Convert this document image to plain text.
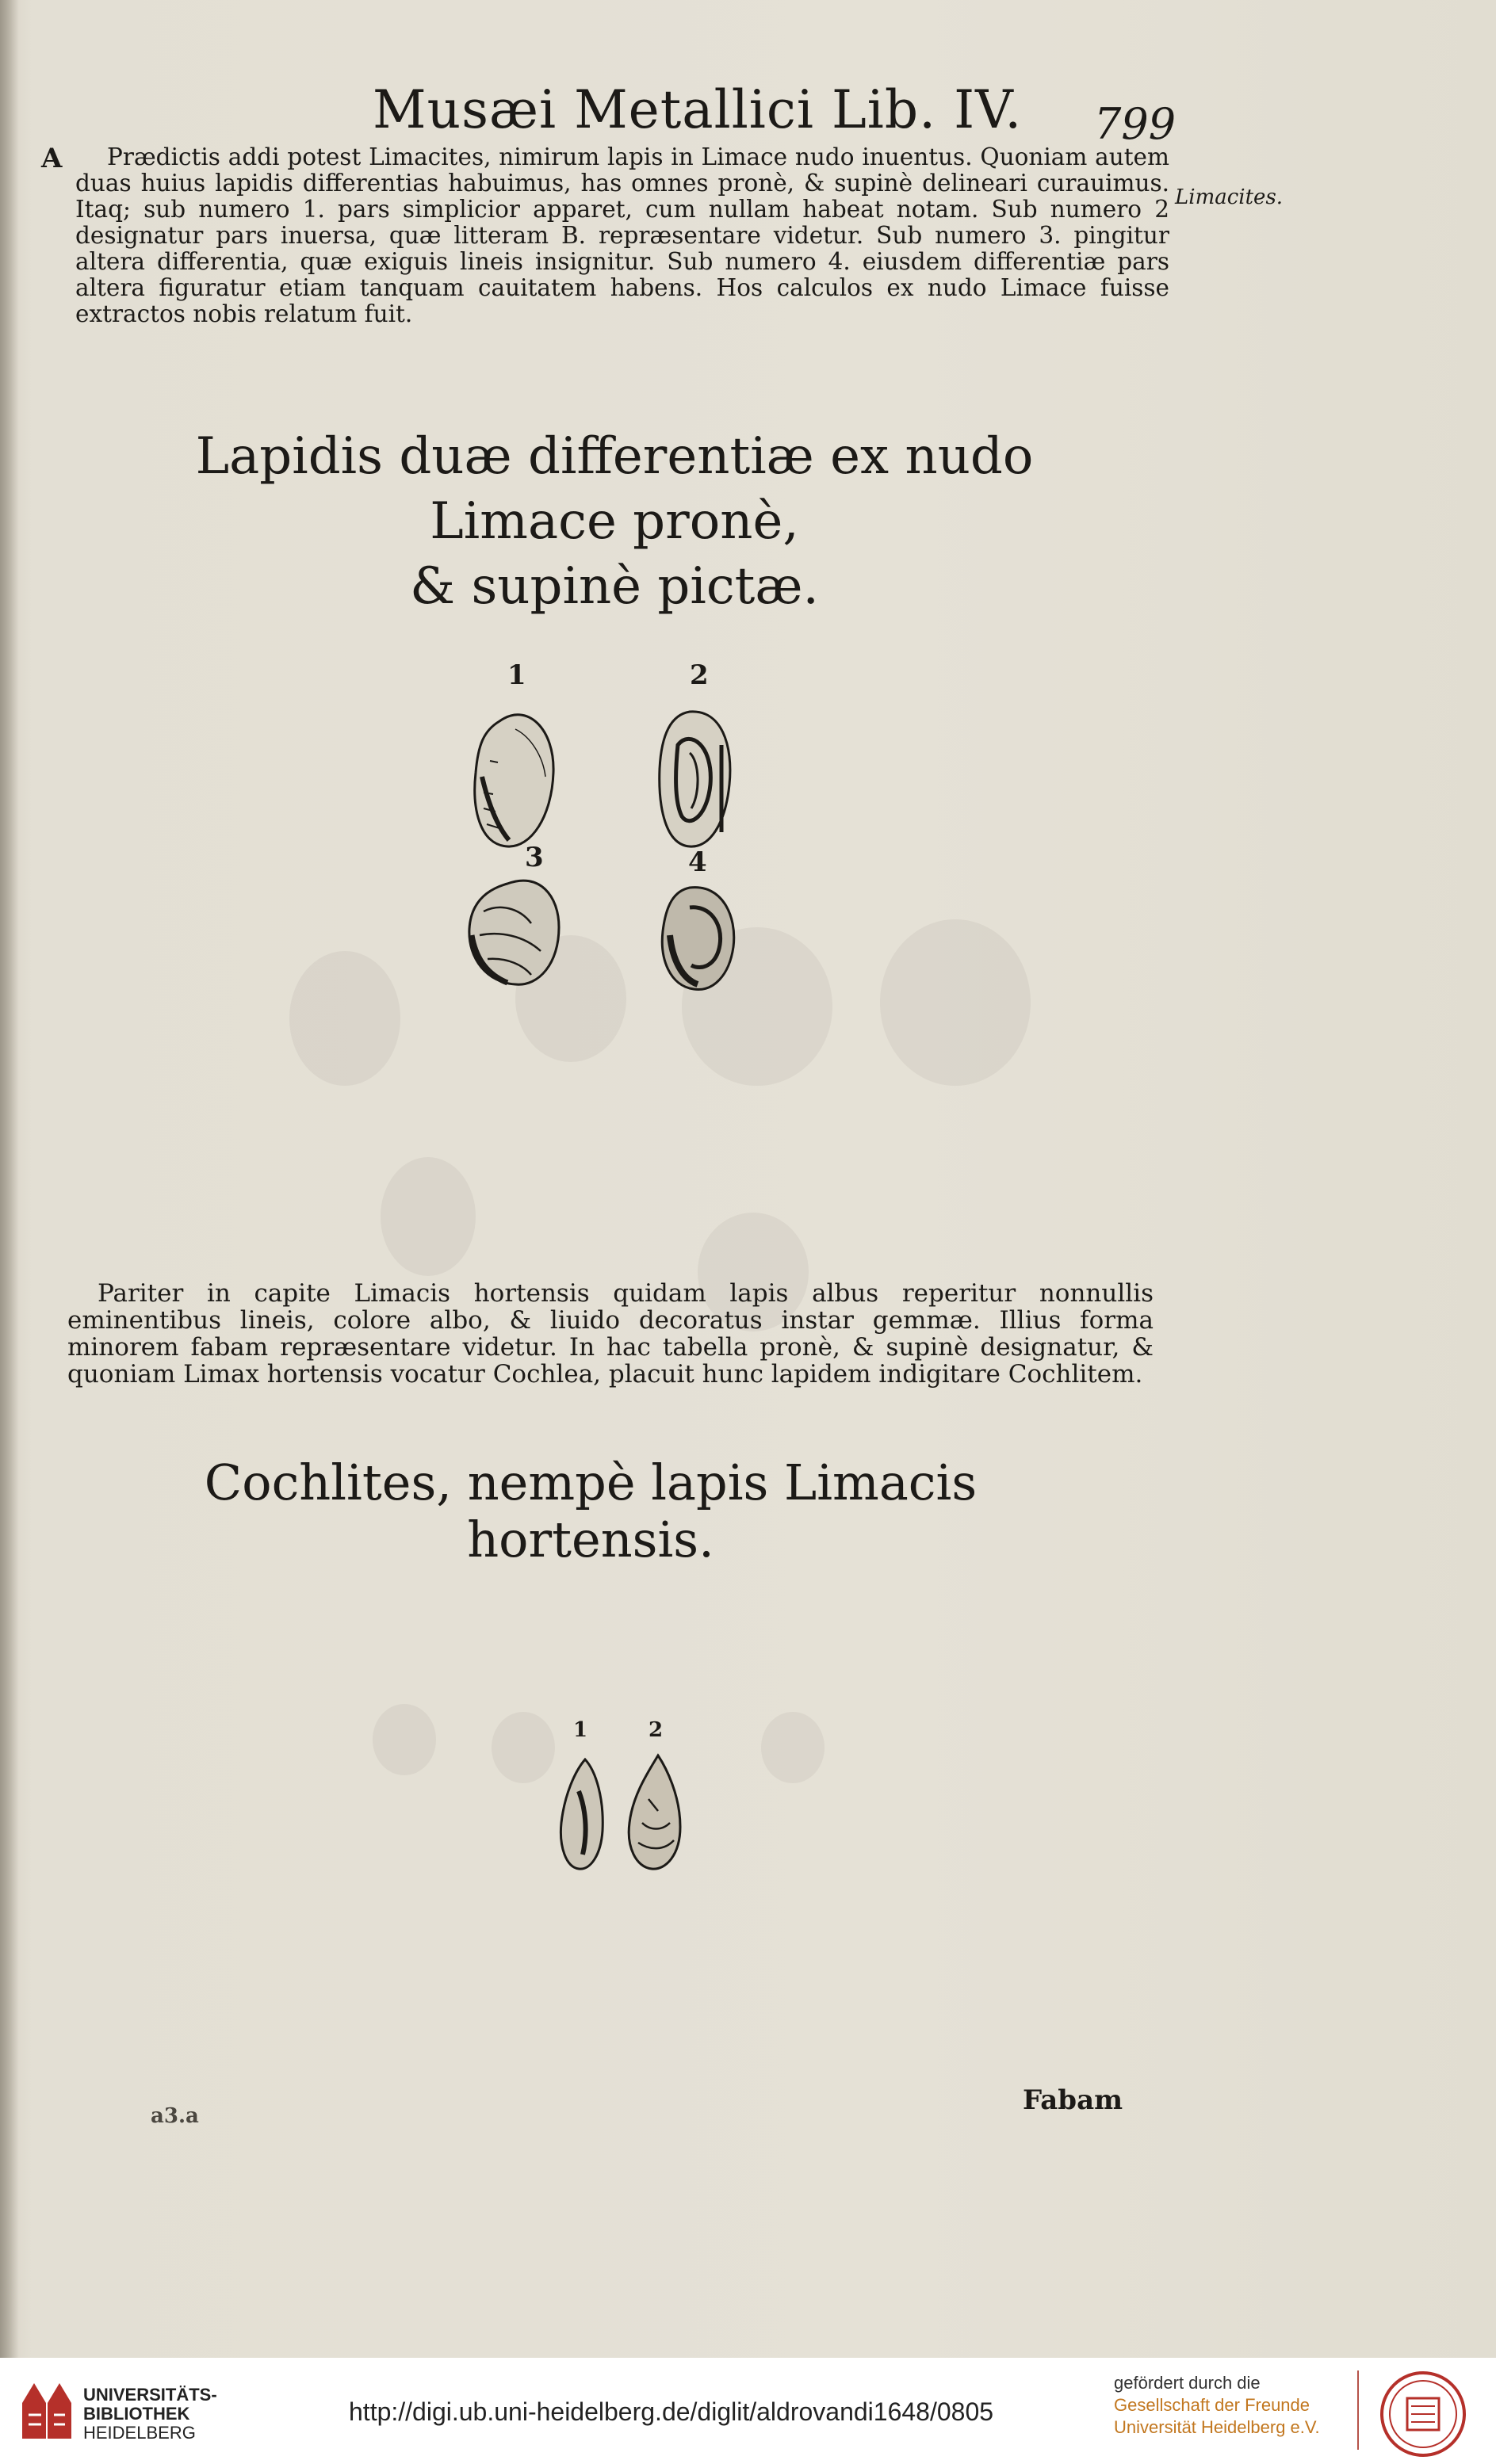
Musæi Metallici Lib. IV. 799
A
Limacites.

Prædictis addi potest Limacites, nimirum lapis in Limace nudo inuentus. Quoniam autem duas huius lapidis differentias habuimus, has omnes pronè, & supinè delineari curauimus. Itaq; sub numero 1. pars simplicior apparet, cum nullam habeat notam. Sub numero 2 designatur pars inuersa, quæ litteram B. repræsentare videtur. Sub numero 3. pingitur altera differentia, quæ exiguis lineis insignitur. Sub numero 4. eiusdem differentiæ pars altera figuratur etiam tanquam cauitatem habens. Hos calculos ex nudo Limace fuisse extractos nobis relatum fuit.

Lapidis duæ differentiæ ex nudo Limace pronè,
& supinè pictæ.
1	2
3	4

Pariter in capite Limacis hortensis quidam lapis albus reperitur nonnullis eminentibus lineis, colore albo, & liuido decoratus instar gemmæ. Illius forma minorem fabam repræsentare videtur. In hac tabella pronè, & supinè designatur, & quoniam Limax hortensis vocatur Cochlea, placuit hunc lapidem indigitare Cochlitem.

Cochlites, nempè lapis Limacis hortensis.
1	2
a3.a	Fabam
UNIVERSITÄTS-
BIBLIOTHEK
HEIDELBERG
http://digi.ub.uni-heidelberg.de/diglit/aldrovandi1648/0805
gefördert durch die
Gesellschaft der Freunde
Universität Heidelberg e.V.
